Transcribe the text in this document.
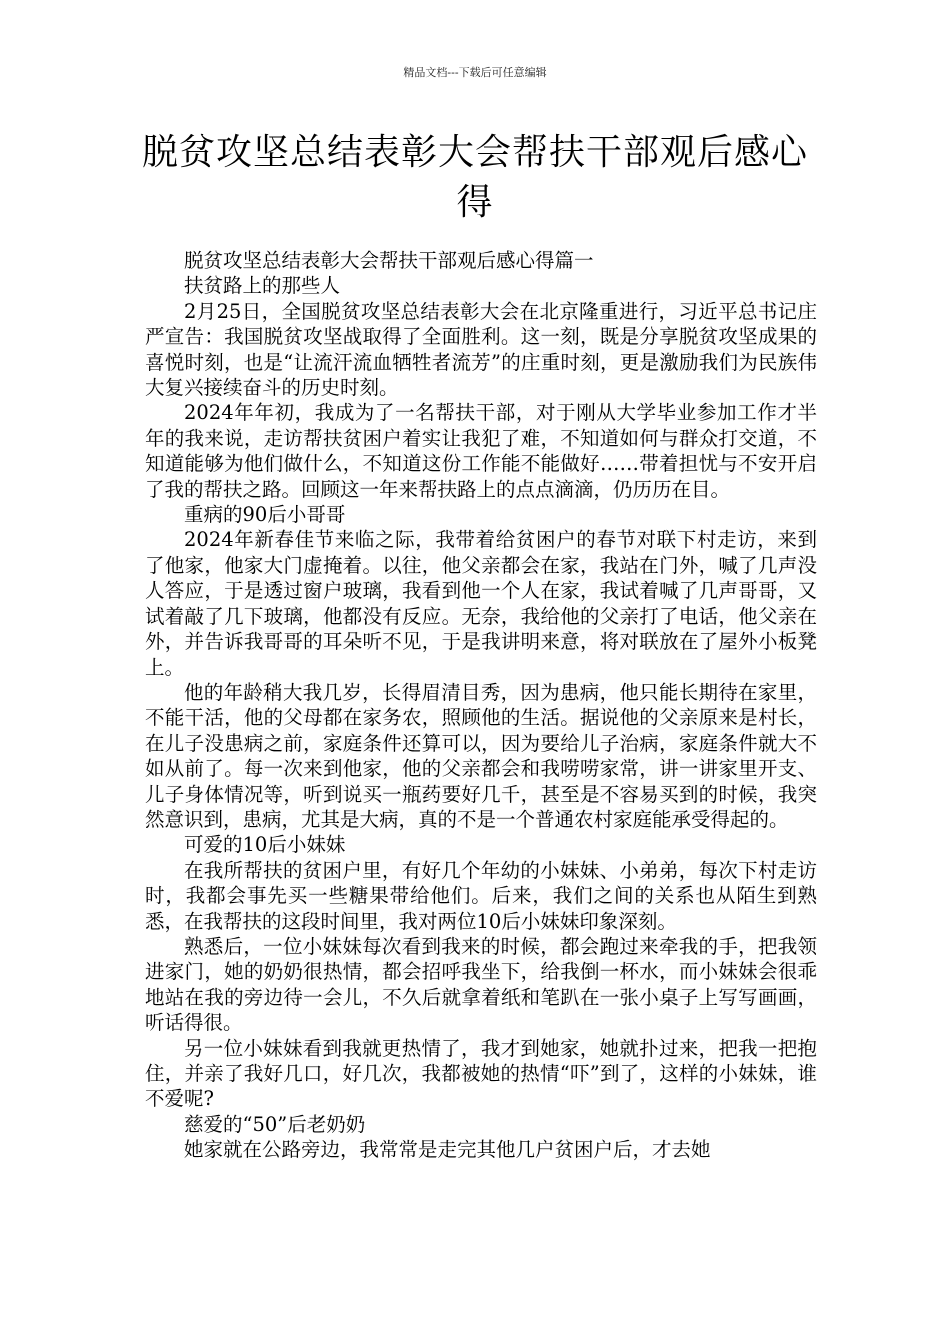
精品文档---下载后可任意编辑
脱贫攻坚总结表彰大会帮扶干部观后感心得

脱贫攻坚总结表彰大会帮扶干部观后感心得篇一

扶贫路上的那些人

2月25日，全国脱贫攻坚总结表彰大会在北京隆重进行，习近平总书记庄严宣告：我国脱贫攻坚战取得了全面胜利。这一刻，既是分享脱贫攻坚成果的喜悦时刻，也是“让流汗流血牺牲者流芳”的庄重时刻，更是激励我们为民族伟大复兴接续奋斗的历史时刻。

2024年年初，我成为了一名帮扶干部，对于刚从大学毕业参加工作才半年的我来说，走访帮扶贫困户着实让我犯了难，不知道如何与群众打交道，不知道能够为他们做什么，不知道这份工作能不能做好……带着担忧与不安开启了我的帮扶之路。回顾这一年来帮扶路上的点点滴滴，仍历历在目。

重病的90后小哥哥

2024年新春佳节来临之际，我带着给贫困户的春节对联下村走访，来到了他家，他家大门虚掩着。以往，他父亲都会在家，我站在门外，喊了几声没人答应，于是透过窗户玻璃，我看到他一个人在家，我试着喊了几声哥哥，又试着敲了几下玻璃，他都没有反应。无奈，我给他的父亲打了电话，他父亲在外，并告诉我哥哥的耳朵听不见，于是我讲明来意，将对联放在了屋外小板凳上。

他的年龄稍大我几岁，长得眉清目秀，因为患病，他只能长期待在家里，不能干活，他的父母都在家务农，照顾他的生活。据说他的父亲原来是村长，在儿子没患病之前，家庭条件还算可以，因为要给儿子治病，家庭条件就大不如从前了。每一次来到他家，他的父亲都会和我唠唠家常，讲一讲家里开支、儿子身体情况等，听到说买一瓶药要好几千，甚至是不容易买到的时候，我突然意识到，患病，尤其是大病，真的不是一个普通农村家庭能承受得起的。

可爱的10后小妹妹

在我所帮扶的贫困户里，有好几个年幼的小妹妹、小弟弟，每次下村走访时，我都会事先买一些糖果带给他们。后来，我们之间的关系也从陌生到熟悉，在我帮扶的这段时间里，我对两位10后小妹妹印象深刻。

熟悉后，一位小妹妹每次看到我来的时候，都会跑过来牵我的手，把我领进家门，她的奶奶很热情，都会招呼我坐下，给我倒一杯水，而小妹妹会很乖地站在我的旁边待一会儿，不久后就拿着纸和笔趴在一张小桌子上写写画画，听话得很。

另一位小妹妹看到我就更热情了，我才到她家，她就扑过来，把我一把抱住，并亲了我好几口，好几次，我都被她的热情“吓”到了，这样的小妹妹，谁不爱呢?

慈爱的“50”后老奶奶

她家就在公路旁边，我常常是走完其他几户贫困户后，才去她
